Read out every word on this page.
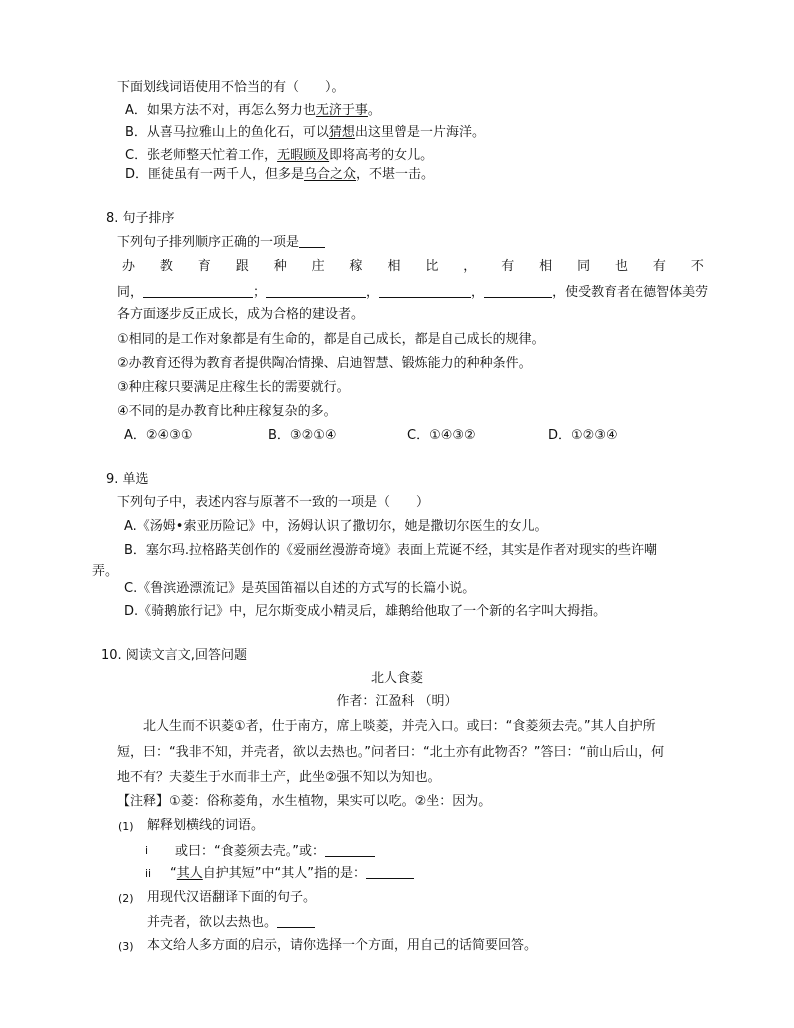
下面划线词语使用不恰当的有（　　）。
A．如果方法不对，再怎么努力也无济于事。
B．从喜马拉雅山上的鱼化石，可以猜想出这里曾是一片海洋。
C．张老师整天忙着工作，无暇顾及即将高考的女儿。
D．匪徒虽有一两千人，但多是乌合之众，不堪一击。
8. 句子排序
下列句子排列顺序正确的一项是
办 教 育 跟 种 庄 稼 相 比 ， 有 相 同 也 有 不
同，	；	，	，	，使受教育者在德智体美劳
各方面逐步反正成长，成为合格的建设者。
①相同的是工作对象都是有生命的，都是自己成长，都是自己成长的规律。
②办教育还得为教育者提供陶冶情操、启迪智慧、锻炼能力的种种条件。
③种庄稼只要满足庄稼生长的需要就行。
④不同的是办教育比种庄稼复杂的多。
A．②④③①	B．③②①④	C．①④③②	D．①②③④
9. 单选
下列句子中，表述内容与原著不一致的一项是（　　）
A.《汤姆•索亚历险记》中，汤姆认识了撒切尔，她是撒切尔医生的女儿。
B．塞尔玛.拉格路芙创作的《爱丽丝漫游奇境》表面上荒诞不经，其实是作者对现实的些许嘲
弄。
C.《鲁滨逊漂流记》是英国笛福以自述的方式写的长篇小说。
D.《骑鹅旅行记》中，尼尔斯变成小精灵后，雄鹅给他取了一个新的名字叫大拇指。
10. 阅读文言文,回答问题
北人食菱
作者：江盈科 （明）
北人生而不识菱①者，仕于南方，席上啖菱，并壳入口。或曰：“食菱须去壳。”其人自护所
短，曰：“我非不知，并壳者，欲以去热也。”问者曰：“北土亦有此物否？”答曰：“前山后山，何
地不有？夫菱生于水而非土产，此坐②强不知以为知也。
【注释】①菱：俗称菱角，水生植物，果实可以吃。②坐：因为。
(1) 解释划横线的词语。
i 或曰：“食菱须去壳。”或：
ii “其人自护其短”中“其人”指的是：
(2) 用现代汉语翻译下面的句子。
并壳者，欲以去热也。
(3) 本文给人多方面的启示，请你选择一个方面，用自己的话简要回答。
